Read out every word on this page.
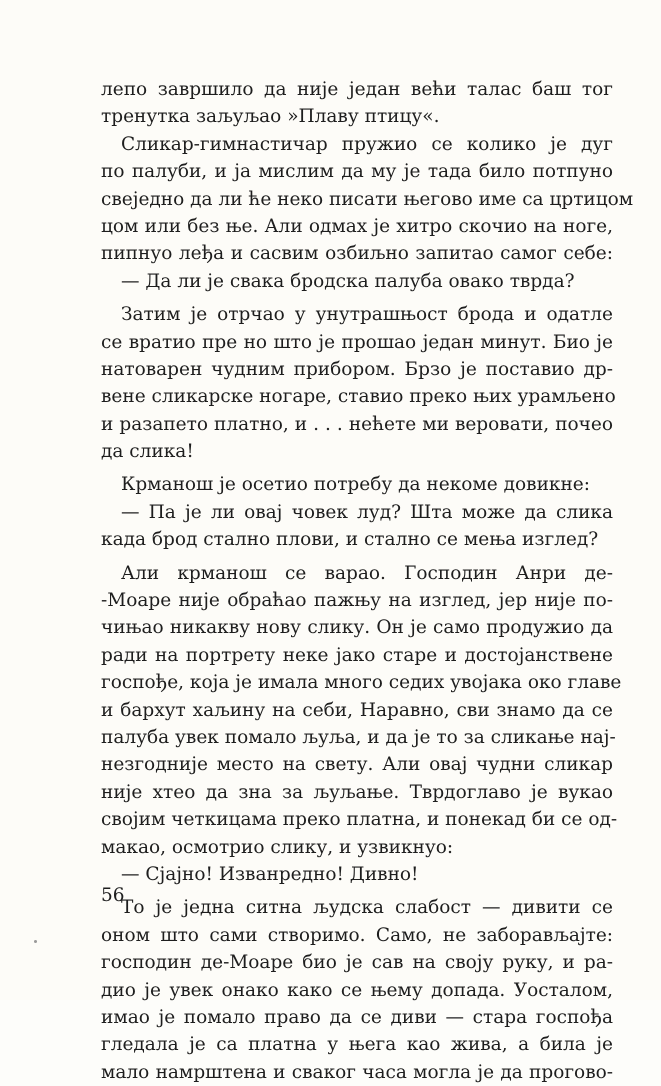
лепо завршило да није један већи талас баш тог
тренутка заљуљао »Плаву птицу«.
Сликар-гимнастичар пружио се колико је дуг
по палуби, и ја мислим да му је тада било потпуно
свеједно да ли ће неко писати његово име са цртицом
цом или без ње. Али одмах је хитро скочио на ноге,
пипнуо леђа и сасвим озбиљно запитао самог себе:
— Да ли је свака бродска палуба овако тврда?
Затим је отрчао у унутрашњост брода и одатле
се вратио пре но што је прошао један минут. Био је
натоварен чудним прибором. Брзо је поставио др-
вене сликарске ногаре, ставио преко њих урамљено
и разапето платно, и . . . нећете ми веровати, почео
да слика!
Крманош је осетио потребу да некоме довикне:
— Па је ли овај човек луд? Шта може да слика
када брод стално плови, и стално се мења изглед?
Али крманош се варао. Господин Анри де-
-Моаре није обраћао пажњу на изглед, јер није по-
чињао никакву нову слику. Он је само продужио да
ради на портрету неке јако старе и достојанствене
госпође, која је имала много седих увојака око главе
и бархут хаљину на себи, Наравно, сви знамо да се
палуба увек помало љуља, и да је то за сликање нај-
незгодније место на свету. Али овај чудни сликар
није хтео да зна за љуљање. Тврдоглаво је вукао
својим четкицама преко платна, и понекад би се од-
макао, осмотрио слику, и узвикнуо:
— Сјајно! Изванредно! Дивно!
То је једна ситна људска слабост — дивити се
оном што сами створимо. Само, не заборављајте:
господин де-Моаре био је сав на своју руку, и ра-
дио је увек онако како се њему допада. Уосталом,
имао је помало право да се диви — стара госпођа
гледала је са платна у њега као жива, а била је
мало намрштена и сваког часа могла је да прогово-
56
